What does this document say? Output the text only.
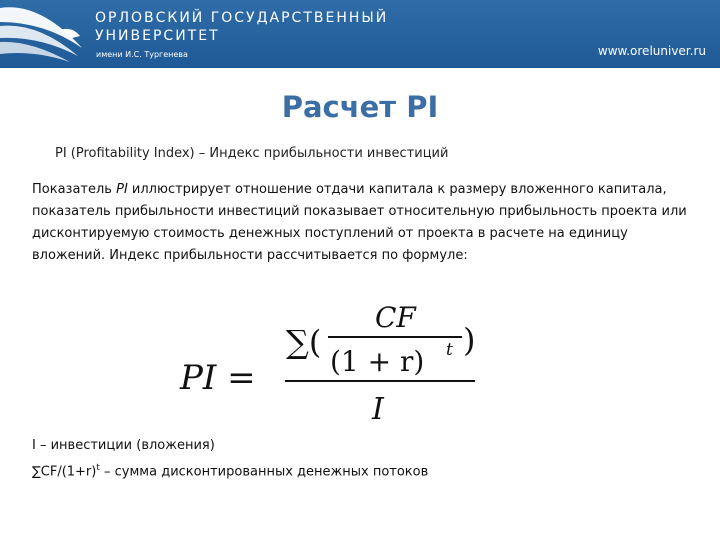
ОРЛОВСКИЙ ГОСУДАРСТВЕННЫЙ
УНИВЕРСИТЕТ
имени И.С. Тургенева	www.oreluniver.ru
Расчет PI
PI (Profitability Index) – Индекс прибыльности инвестиций
Показатель PI иллюстрирует отношение отдачи капитала к размеру вложенного капитала, показатель прибыльности инвестиций показывает относительную прибыльность проекта или дисконтируемую стоимость денежных поступлений от проекта в расчете на единицу вложений. Индекс прибыльности рассчитывается по формуле:
PI =
∑(
CF
(1 + r) t )
I
I – инвестиции (вложения)
$\sum CF/(1+r)^t$ – сумма дисконтированных денежных потоков
